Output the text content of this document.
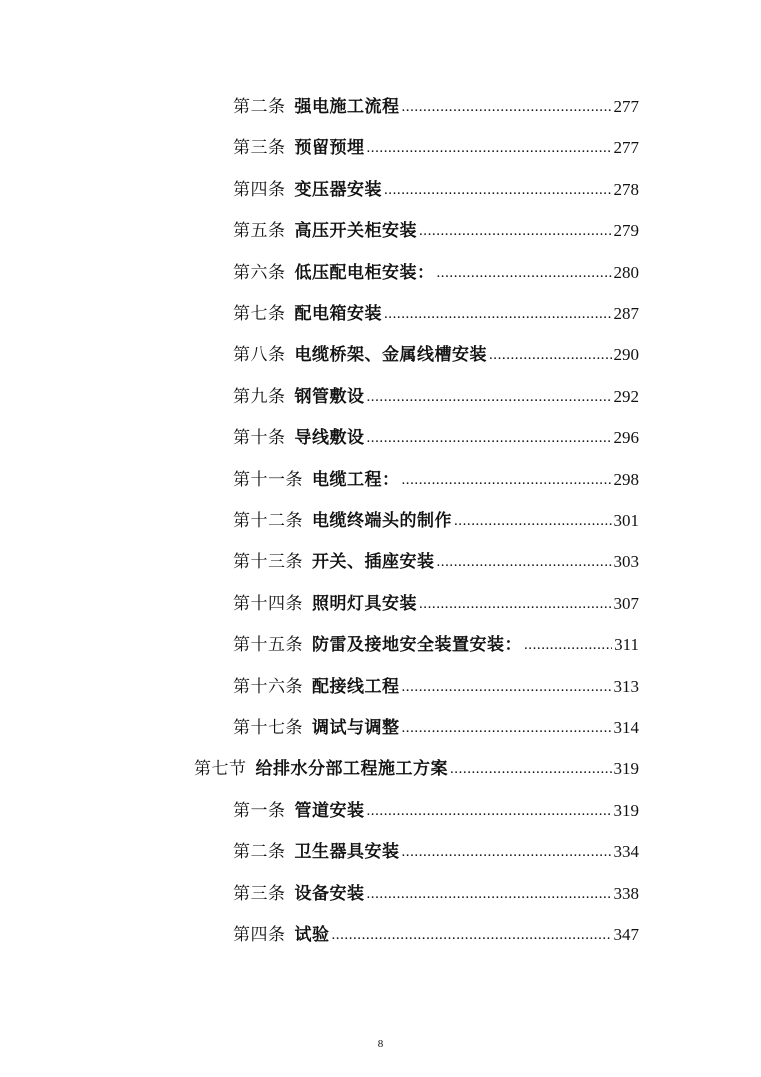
第二条 强电施工流程 . . .	277
第三条 预留预埋 . . .	277
第四条 变压器安装 . . .	278
第五条 高压开关柜安装 . . .	279
第六条 低压配电柜安装： . . .	280
第七条 配电箱安装 . . .	287
第八条 电缆桥架、金属线槽安装 . . .	290
第九条 钢管敷设 . . .	292
第十条 导线敷设 . . .	296
第十一条 电缆工程： . . .	298
第十二条 电缆终端头的制作 . . .	301
第十三条 开关、插座安装 . . .	303
第十四条 照明灯具安装 . . .	307
第十五条 防雷及接地安全装置安装： . . .	311
第十六条 配接线工程 . . .	313
第十七条 调试与调整 . . .	314
第七节 给排水分部工程施工方案 . . .	319
第一条 管道安装 . . .	319
第二条 卫生器具安装 . . .	334
第三条 设备安装 . . .	338
第四条 试验 . . .	347
8
